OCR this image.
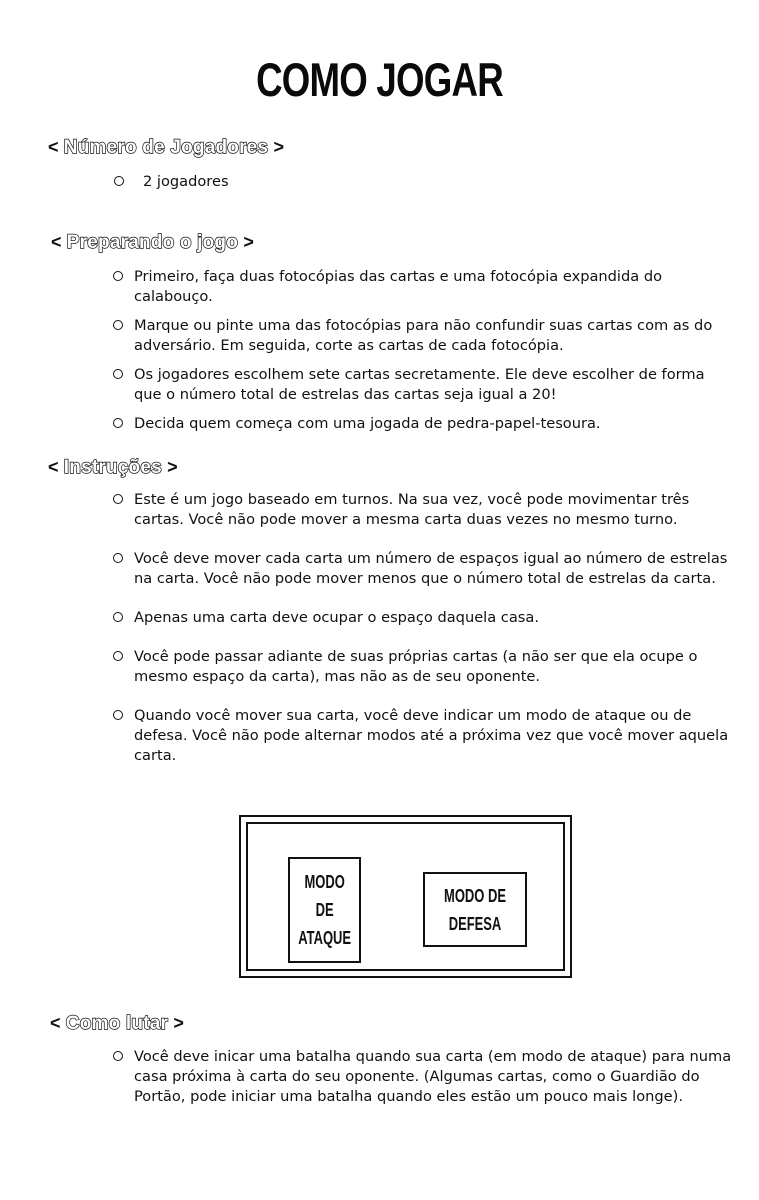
COMO JOGAR
< Número de Jogadores >
2 jogadores
< Preparando o jogo >
Primeiro, faça duas fotocópias das cartas e uma fotocópia expandida do calabouço.
Marque ou pinte uma das fotocópias para não confundir suas cartas com as do adversário. Em seguida, corte as cartas de cada fotocópia.
Os jogadores escolhem sete cartas secretamente. Ele deve escolher de forma que o número total de estrelas das cartas seja igual a 20!
Decida quem começa com uma jogada de pedra-papel-tesoura.
< Instruções >
Este é um jogo baseado em turnos. Na sua vez, você pode movimentar três cartas. Você não pode mover a mesma carta duas vezes no mesmo turno.
Você deve mover cada carta um número de espaços igual ao número de estrelas na carta. Você não pode mover menos que o número total de estrelas da carta.
Apenas uma carta deve ocupar o espaço daquela casa.
Você pode passar adiante de suas próprias cartas (a não ser que ela ocupe o mesmo espaço da carta), mas não as de seu oponente.
Quando você mover sua carta, você deve indicar um modo de ataque ou de defesa. Você não pode alternar modos até a próxima vez que você mover aquela carta.
MODO DE
ATAQUE
MODO DE
DEFESA
< Como lutar >
Você deve inicar uma batalha quando sua carta (em modo de ataque) para numa casa próxima à carta do seu oponente. (Algumas cartas, como o Guardião do Portão, pode iniciar uma batalha quando eles estão um pouco mais longe).
